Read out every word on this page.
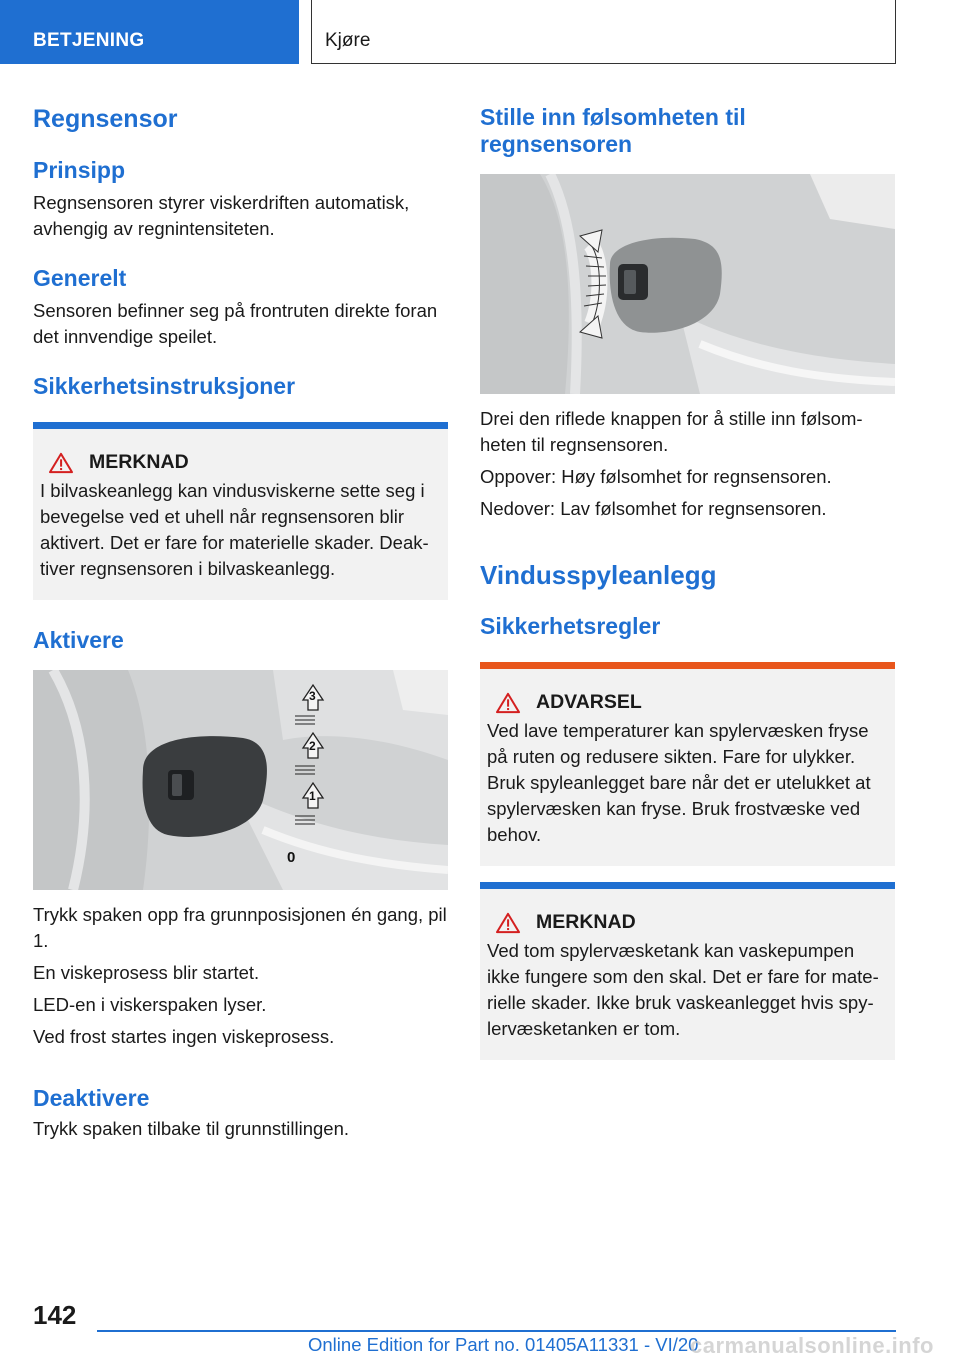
BETJENING	Kjøre
Regnsensor
Prinsipp

Regnsensoren styrer viskerdriften automatisk, avhengig av regnintensiteten.

Generelt

Sensoren befinner seg på frontruten direkte foran det innvendige speilet.

Sikkerhetsinstruksjoner
MERKNAD

I bilvaskeanlegg kan vindusviskerne sette seg i bevegelse ved et uhell når regnsensoren blir aktivert. Det er fare for materielle skader. Deaktiver regnsensoren i bilvaskeanlegg.

Aktivere
3
2
1
0

Trykk spaken opp fra grunnposisjonen én gang, pil 1.

En viskeprosess blir startet.

LED-en i viskerspaken lyser.

Ved frost startes ingen viskeprosess.

Deaktivere

Trykk spaken tilbake til grunnstillingen.

Stille inn følsomheten til regnsensoren

Drei den riflede knappen for å stille inn følsomheten til regnsensoren.

Oppover: Høy følsomhet for regnsensoren.

Nedover: Lav følsomhet for regnsensoren.

Vindusspyleanlegg
Sikkerhetsregler
ADVARSEL

Ved lave temperaturer kan spylervæsken fryse på ruten og redusere sikten. Fare for ulykker. Bruk spyleanlegget bare når det er utelukket at spylervæsken kan fryse. Bruk frostvæske ved behov.

MERKNAD

Ved tom spylervæsketank kan vaskepumpen ikke fungere som den skal. Det er fare for materielle skader. Ikke bruk vaskeanlegget hvis spylervæsketanken er tom.

142
Online Edition for Part no. 01405A11331 - VI/20
carmanualsonline.info
